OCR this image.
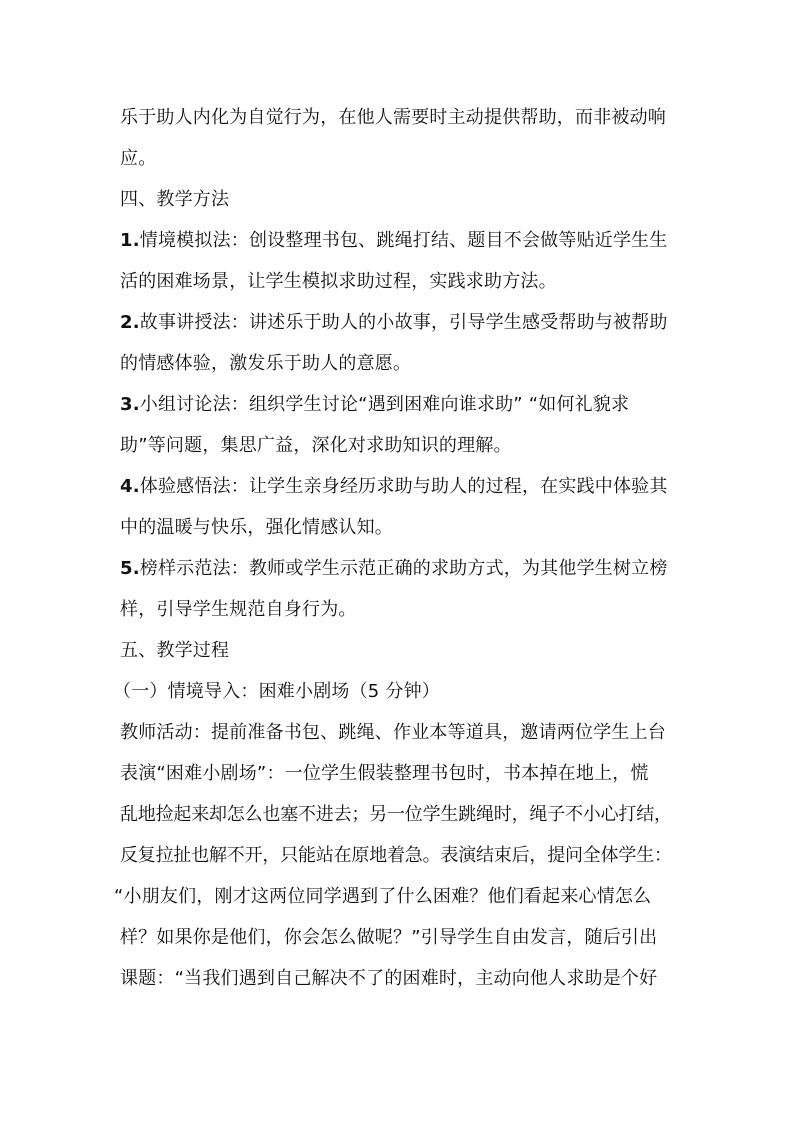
乐于助人内化为自觉行为，在他人需要时主动提供帮助，而非被动响
应。
四、教学方法
1.情境模拟法：创设整理书包、跳绳打结、题目不会做等贴近学生生
活的困难场景，让学生模拟求助过程，实践求助方法。
2.故事讲授法：讲述乐于助人的小故事，引导学生感受帮助与被帮助
的情感体验，激发乐于助人的意愿。
3.小组讨论法：组织学生讨论“遇到困难向谁求助” “如何礼貌求
助”等问题，集思广益，深化对求助知识的理解。
4.体验感悟法：让学生亲身经历求助与助人的过程，在实践中体验其
中的温暖与快乐，强化情感认知。
5.榜样示范法：教师或学生示范正确的求助方式，为其他学生树立榜
样，引导学生规范自身行为。
五、教学过程
（一）情境导入：困难小剧场（5 分钟）
教师活动：提前准备书包、跳绳、作业本等道具，邀请两位学生上台
表演“困难小剧场”：一位学生假装整理书包时，书本掉在地上，慌
乱地捡起来却怎么也塞不进去；另一位学生跳绳时，绳子不小心打结，
反复拉扯也解不开，只能站在原地着急。表演结束后，提问全体学生：
“小朋友们，刚才这两位同学遇到了什么困难？他们看起来心情怎么
样？如果你是他们，你会怎么做呢？”引导学生自由发言，随后引出
课题：“当我们遇到自己解决不了的困难时，主动向他人求助是个好
